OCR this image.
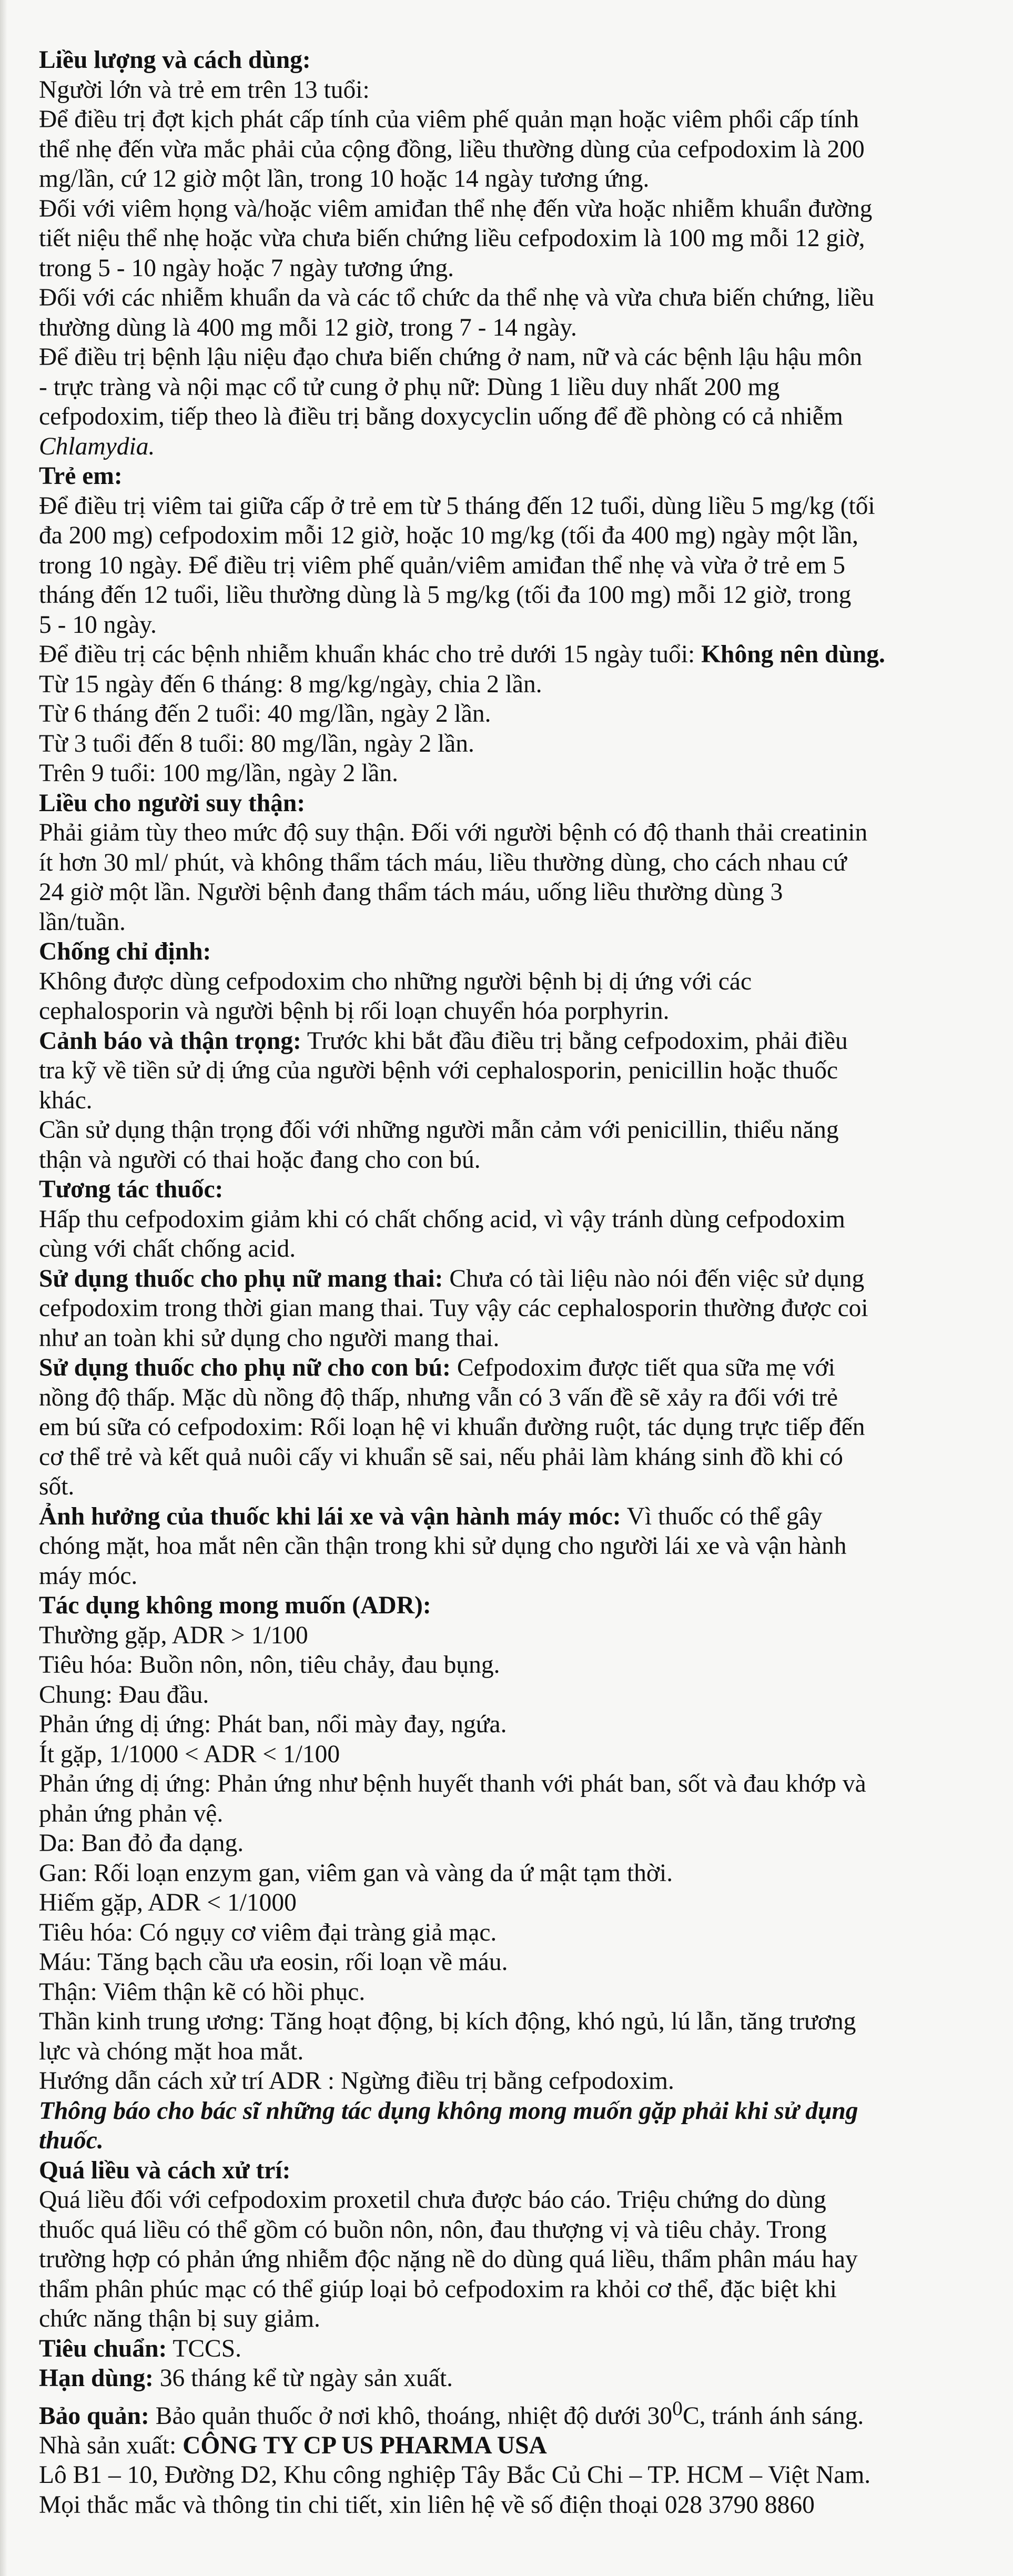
Liều lượng và cách dùng:

Người lớn và trẻ em trên 13 tuổi:

Để điều trị đợt kịch phát cấp tính của viêm phế quản mạn hoặc viêm phổi cấp tính

thể nhẹ đến vừa mắc phải của cộng đồng, liều thường dùng của cefpodoxim là 200

mg/lần, cứ 12 giờ một lần, trong 10 hoặc 14 ngày tương ứng.

Đối với viêm họng và/hoặc viêm amiđan thể nhẹ đến vừa hoặc nhiễm khuẩn đường

tiết niệu thể nhẹ hoặc vừa chưa biến chứng liều cefpodoxim là 100 mg mỗi 12 giờ,

trong 5 - 10 ngày hoặc 7 ngày tương ứng.

Đối với các nhiễm khuẩn da và các tổ chức da thể nhẹ và vừa chưa biến chứng, liều

thường dùng là 400 mg mỗi 12 giờ, trong 7 - 14 ngày.

Để điều trị bệnh lậu niệu đạo chưa biến chứng ở nam, nữ và các bệnh lậu hậu môn

- trực tràng và nội mạc cổ tử cung ở phụ nữ: Dùng 1 liều duy nhất 200 mg

cefpodoxim, tiếp theo là điều trị bằng doxycyclin uống để đề phòng có cả nhiễm

Chlamydia.

Trẻ em:

Để điều trị viêm tai giữa cấp ở trẻ em từ 5 tháng đến 12 tuổi, dùng liều 5 mg/kg (tối

đa 200 mg) cefpodoxim mỗi 12 giờ, hoặc 10 mg/kg (tối đa 400 mg) ngày một lần,

trong 10 ngày. Để điều trị viêm phế quản/viêm amiđan thể nhẹ và vừa ở trẻ em 5

tháng đến 12 tuổi, liều thường dùng là 5 mg/kg (tối đa 100 mg) mỗi 12 giờ, trong

5 - 10 ngày.

Để điều trị các bệnh nhiễm khuẩn khác cho trẻ dưới 15 ngày tuổi: Không nên dùng.

Từ 15 ngày đến 6 tháng: 8 mg/kg/ngày, chia 2 lần.

Từ 6 tháng đến 2 tuổi: 40 mg/lần, ngày 2 lần.

Từ 3 tuổi đến 8 tuổi: 80 mg/lần, ngày 2 lần.

Trên 9 tuổi: 100 mg/lần, ngày 2 lần.

Liều cho người suy thận:

Phải giảm tùy theo mức độ suy thận. Đối với người bệnh có độ thanh thải creatinin

ít hơn 30 ml/ phút, và không thẩm tách máu, liều thường dùng, cho cách nhau cứ

24 giờ một lần. Người bệnh đang thẩm tách máu, uống liều thường dùng 3

lần/tuần.

Chống chỉ định:

Không được dùng cefpodoxim cho những người bệnh bị dị ứng với các

cephalosporin và người bệnh bị rối loạn chuyển hóa porphyrin.

Cảnh báo và thận trọng: Trước khi bắt đầu điều trị bằng cefpodoxim, phải điều

tra kỹ về tiền sử dị ứng của người bệnh với cephalosporin, penicillin hoặc thuốc

khác.

Cần sử dụng thận trọng đối với những người mẫn cảm với penicillin, thiểu năng

thận và người có thai hoặc đang cho con bú.

Tương tác thuốc:

Hấp thu cefpodoxim giảm khi có chất chống acid, vì vậy tránh dùng cefpodoxim

cùng với chất chống acid.

Sử dụng thuốc cho phụ nữ mang thai: Chưa có tài liệu nào nói đến việc sử dụng

cefpodoxim trong thời gian mang thai. Tuy vậy các cephalosporin thường được coi

như an toàn khi sử dụng cho người mang thai.

Sử dụng thuốc cho phụ nữ cho con bú: Cefpodoxim được tiết qua sữa mẹ với

nồng độ thấp. Mặc dù nồng độ thấp, nhưng vẫn có 3 vấn đề sẽ xảy ra đối với trẻ

em bú sữa có cefpodoxim: Rối loạn hệ vi khuẩn đường ruột, tác dụng trực tiếp đến

cơ thể trẻ và kết quả nuôi cấy vi khuẩn sẽ sai, nếu phải làm kháng sinh đồ khi có

sốt.

Ảnh hưởng của thuốc khi lái xe và vận hành máy móc: Vì thuốc có thể gây

chóng mặt, hoa mắt nên cần thận trong khi sử dụng cho người lái xe và vận hành

máy móc.

Tác dụng không mong muốn (ADR):

Thường gặp, ADR > 1/100

Tiêu hóa: Buồn nôn, nôn, tiêu chảy, đau bụng.

Chung: Đau đầu.

Phản ứng dị ứng: Phát ban, nổi mày đay, ngứa.

Ít gặp, 1/1000 < ADR < 1/100

Phản ứng dị ứng: Phản ứng như bệnh huyết thanh với phát ban, sốt và đau khớp và

phản ứng phản vệ.

Da: Ban đỏ đa dạng.

Gan: Rối loạn enzym gan, viêm gan và vàng da ứ mật tạm thời.

Hiếm gặp, ADR < 1/1000

Tiêu hóa: Có ngụy cơ viêm đại tràng giả mạc.

Máu: Tăng bạch cầu ưa eosin, rối loạn về máu.

Thận: Viêm thận kẽ có hồi phục.

Thần kinh trung ương: Tăng hoạt động, bị kích động, khó ngủ, lú lẫn, tăng trương

lực và chóng mặt hoa mắt.

Hướng dẫn cách xử trí ADR : Ngừng điều trị bằng cefpodoxim.

Thông báo cho bác sĩ những tác dụng không mong muốn gặp phải khi sử dụng

thuốc.

Quá liều và cách xử trí:

Quá liều đối với cefpodoxim proxetil chưa được báo cáo. Triệu chứng do dùng

thuốc quá liều có thể gồm có buồn nôn, nôn, đau thượng vị và tiêu chảy. Trong

trường hợp có phản ứng nhiễm độc nặng nề do dùng quá liều, thẩm phân máu hay

thẩm phân phúc mạc có thể giúp loại bỏ cefpodoxim ra khỏi cơ thể, đặc biệt khi

chức năng thận bị suy giảm.

Tiêu chuẩn: TCCS.

Hạn dùng: 36 tháng kể từ ngày sản xuất.

Bảo quản: Bảo quản thuốc ở nơi khô, thoáng, nhiệt độ dưới $30^0C$, tránh ánh sáng.

Nhà sản xuất: CÔNG TY CP US PHARMA USA

Lô B1 – 10, Đường D2, Khu công nghiệp Tây Bắc Củ Chi – TP. HCM – Việt Nam.

Mọi thắc mắc và thông tin chi tiết, xin liên hệ về số điện thoại 028 3790 8860
